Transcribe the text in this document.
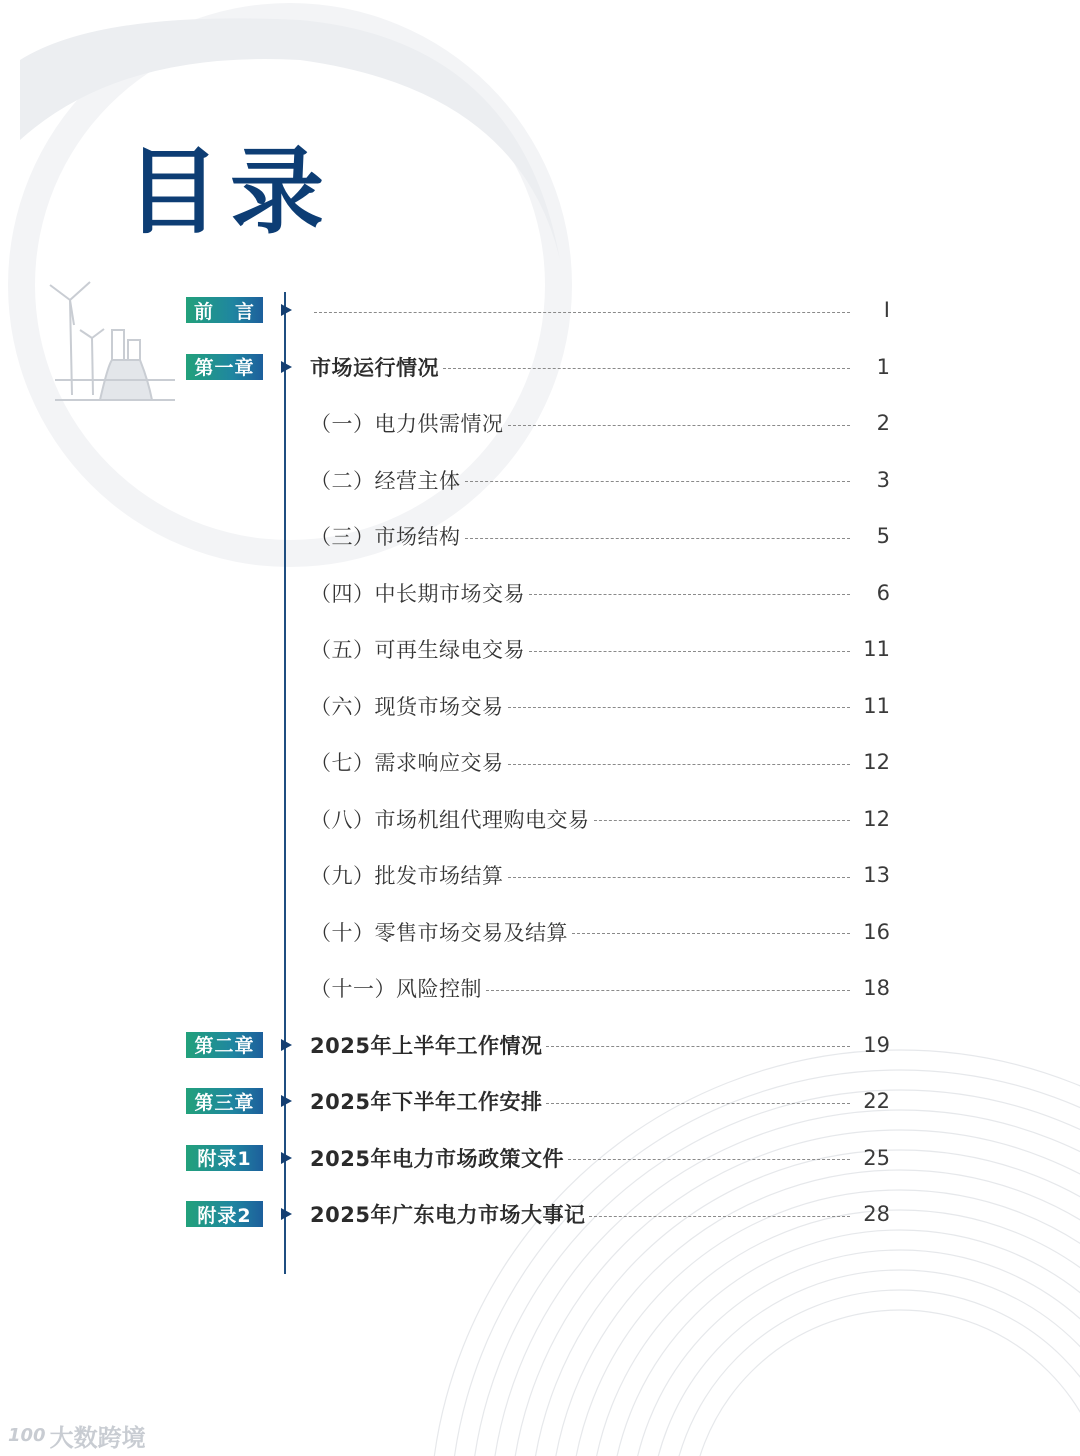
目录
前 言	I
第一章	市场运行情况	1
（一）电力供需情况	2
（二）经营主体	3
（三）市场结构	5
（四）中长期市场交易	6
（五）可再生绿电交易	11
（六）现货市场交易	11
（七）需求响应交易	12
（八）市场机组代理购电交易	12
（九）批发市场结算	13
（十）零售市场交易及结算	16
（十一）风险控制	18
第二章	2025年上半年工作情况	19
第三章	2025年下半年工作安排	22
附录1	2025年电力市场政策文件	25
附录2	2025年广东电力市场大事记	28
100 大数跨境
